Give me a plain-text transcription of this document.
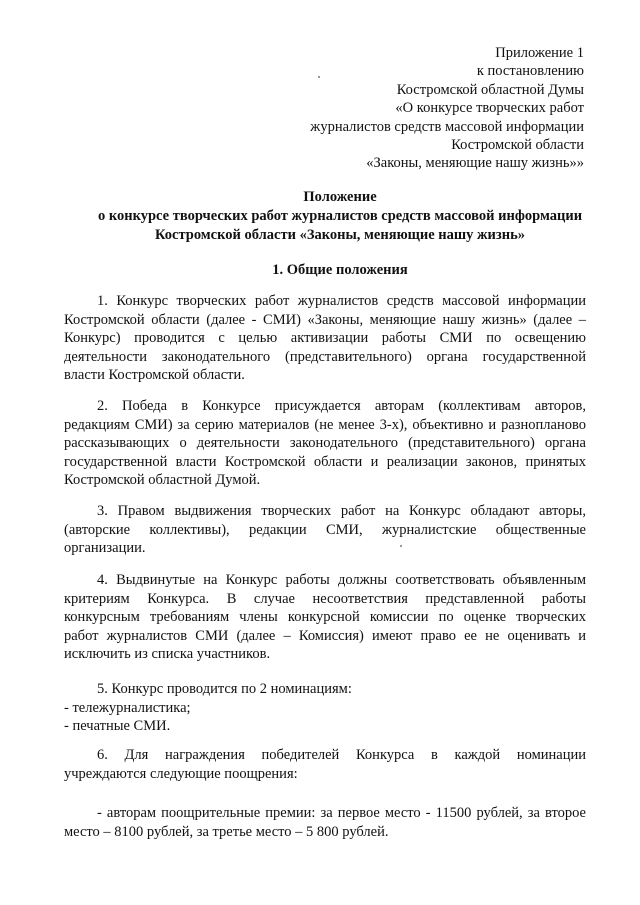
Приложение 1
к постановлению
Костромской областной Думы
«О конкурсе творческих работ
журналистов средств массовой информации
Костромской области
«Законы, меняющие нашу жизнь»»
Положение
о конкурсе творческих работ журналистов средств массовой информации
Костромской области «Законы, меняющие нашу жизнь»
1. Общие положения
1. Конкурс творческих работ журналистов средств массовой информации
Костромской области (далее - СМИ) «Законы, меняющие нашу жизнь» (далее –
Конкурс) проводится с целью активизации работы СМИ по освещению
деятельности законодательного (представительного) органа государственной
власти Костромской области.
2. Победа в Конкурсе присуждается авторам (коллективам авторов,
редакциям СМИ) за серию материалов (не менее 3-х), объективно и разнопланово
рассказывающих о деятельности законодательного (представительного) органа
государственной власти Костромской области и реализации законов, принятых
Костромской областной Думой.
3. Правом выдвижения творческих работ на Конкурс обладают авторы,
(авторские коллективы), редакции СМИ, журналистские общественные
организации.
4. Выдвинутые на Конкурс работы должны соответствовать объявленным
критериям Конкурса. В случае несоответствия представленной работы
конкурсным требованиям члены конкурсной комиссии по оценке творческих
работ журналистов СМИ (далее – Комиссия) имеют право ее не оценивать и
исключить из списка участников.
5. Конкурс проводится по 2 номинациям:
- тележурналистика;
- печатные СМИ.
6. Для награждения победителей Конкурса в каждой номинации
учреждаются следующие поощрения:
- авторам поощрительные премии: за первое место - 11500 рублей, за второе
место – 8100 рублей, за третье место – 5 800 рублей.
